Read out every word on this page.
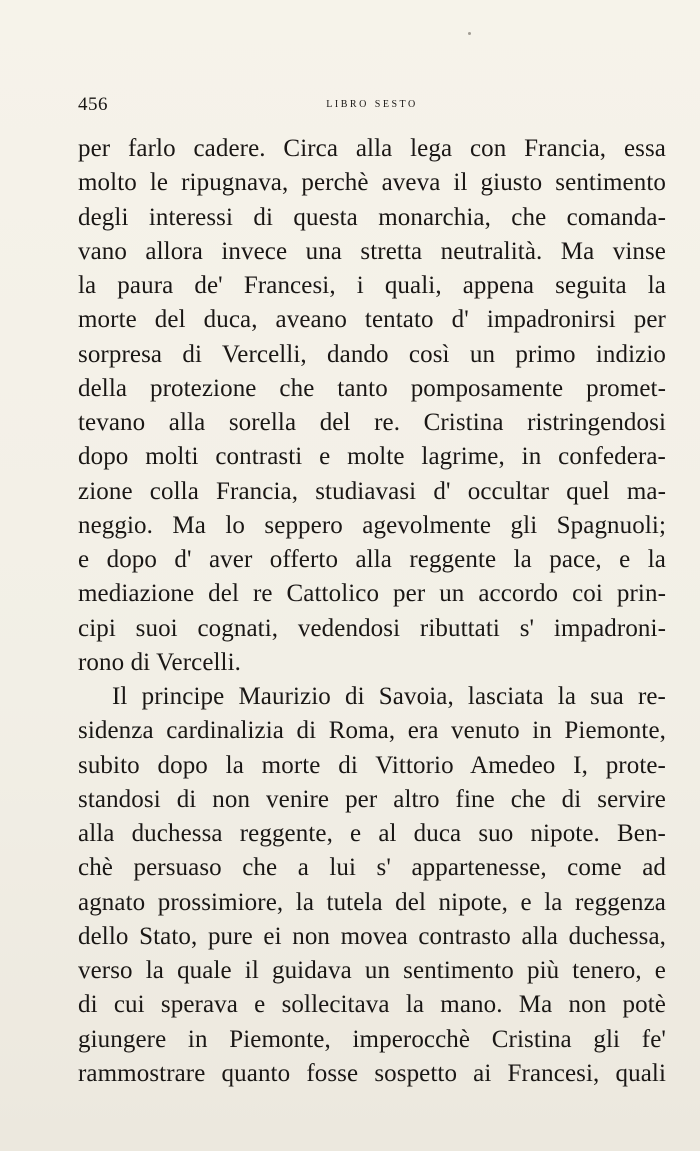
456	libro sesto
per farlo cadere. Circa alla lega con Francia, essa
molto le ripugnava, perchè aveva il giusto sentimento
degli interessi di questa monarchia, che comanda-
vano allora invece una stretta neutralità. Ma vinse
la paura de' Francesi, i quali, appena seguita la
morte del duca, aveano tentato d' impadronirsi per
sorpresa di Vercelli, dando così un primo indizio
della protezione che tanto pomposamente promet-
tevano alla sorella del re. Cristina ristringendosi
dopo molti contrasti e molte lagrime, in confedera-
zione colla Francia, studiavasi d' occultar quel ma-
neggio. Ma lo seppero agevolmente gli Spagnuoli;
e dopo d' aver offerto alla reggente la pace, e la
mediazione del re Cattolico per un accordo coi prin-
cipi suoi cognati, vedendosi ributtati s' impadroni-
rono di Vercelli.
Il principe Maurizio di Savoia, lasciata la sua re-
sidenza cardinalizia di Roma, era venuto in Piemonte,
subito dopo la morte di Vittorio Amedeo I, prote-
standosi di non venire per altro fine che di servire
alla duchessa reggente, e al duca suo nipote. Ben-
chè persuaso che a lui s' appartenesse, come ad
agnato prossimiore, la tutela del nipote, e la reggenza
dello Stato, pure ei non movea contrasto alla duchessa,
verso la quale il guidava un sentimento più tenero, e
di cui sperava e sollecitava la mano. Ma non potè
giungere in Piemonte, imperocchè Cristina gli fe'
rammostrare quanto fosse sospetto ai Francesi, quali
